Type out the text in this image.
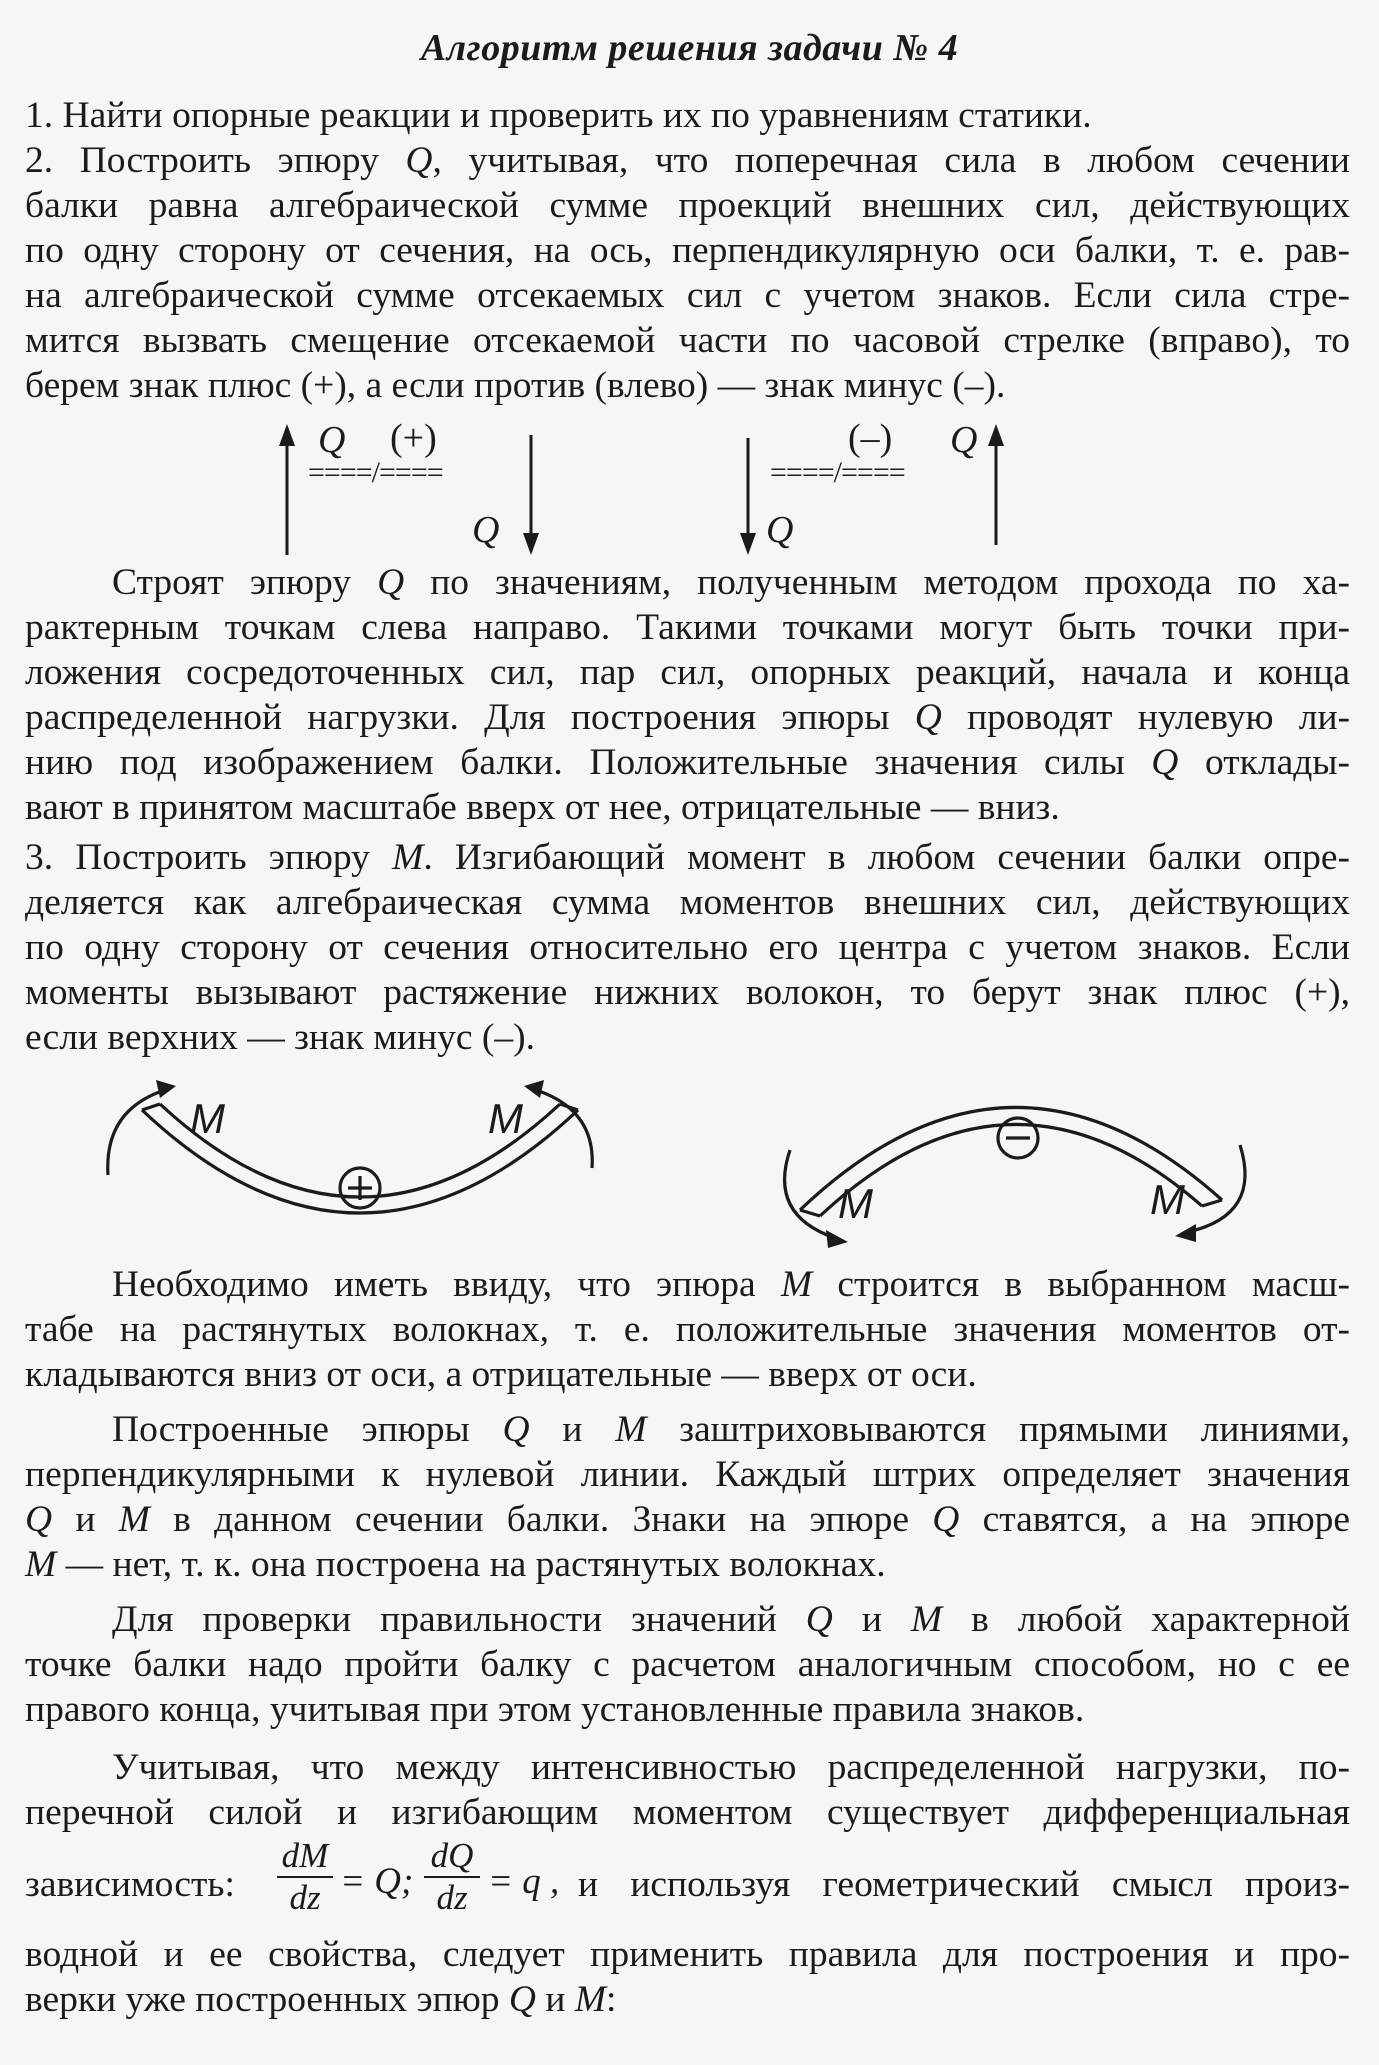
Алгоритм решения задачи № 4
1. Найти опорные реакции и проверить их по уравнениям статики.
2. Построить эпюру Q, учитывая, что поперечная сила в любом сечении
балки равна алгебраической сумме проекций внешних сил, действующих
по одну сторону от сечения, на ось, перпендикулярную оси балки, т. е. рав-
на алгебраической сумме отсекаемых сил с учетом знаков. Если сила стре-
мится вызвать смещение отсекаемой части по часовой стрелке (вправо), то
берем знак плюс (+), а если против (влево) — знак минус (–).
Q (+)
====/====
Q
(–) Q
====/====
Q
Строят эпюру Q по значениям, полученным методом прохода по ха-
рактерным точкам слева направо. Такими точками могут быть точки при-
ложения сосредоточенных сил, пар сил, опорных реакций, начала и конца
распределенной нагрузки. Для построения эпюры Q проводят нулевую ли-
нию под изображением балки. Положительные значения силы Q отклады-
вают в принятом масштабе вверх от нее, отрицательные — вниз.
3. Построить эпюру M. Изгибающий момент в любом сечении балки опре-
деляется как алгебраическая сумма моментов внешних сил, действующих
по одну сторону от сечения относительно его центра с учетом знаков. Если
моменты вызывают растяжение нижних волокон, то берут знак плюс (+),
если верхних — знак минус (–).
M	M
M	M
Необходимо иметь ввиду, что эпюра M строится в выбранном масш-
табе на растянутых волокнах, т. е. положительные значения моментов от-
кладываются вниз от оси, а отрицательные — вверх от оси.
Построенные эпюры Q и M заштриховываются прямыми линиями,
перпендикулярными к нулевой линии. Каждый штрих определяет значения
Q и M в данном сечении балки. Знаки на эпюре Q ставятся, а на эпюре
M — нет, т. к. она построена на растянутых волокнах.
Для проверки правильности значений Q и M в любой характерной
точке балки надо пройти балку с расчетом аналогичным способом, но с ее
правого конца, учитывая при этом установленные правила знаков.
Учитывая, что между интенсивностью распределенной нагрузки, по-
перечной силой и изгибающим моментом существует дифференциальная
зависимость:
dM
dz = Q;
dQ
dz = q , и используя геометрический смысл произ-
водной и ее свойства, следует применить правила для построения и про-
верки уже построенных эпюр Q и M:
